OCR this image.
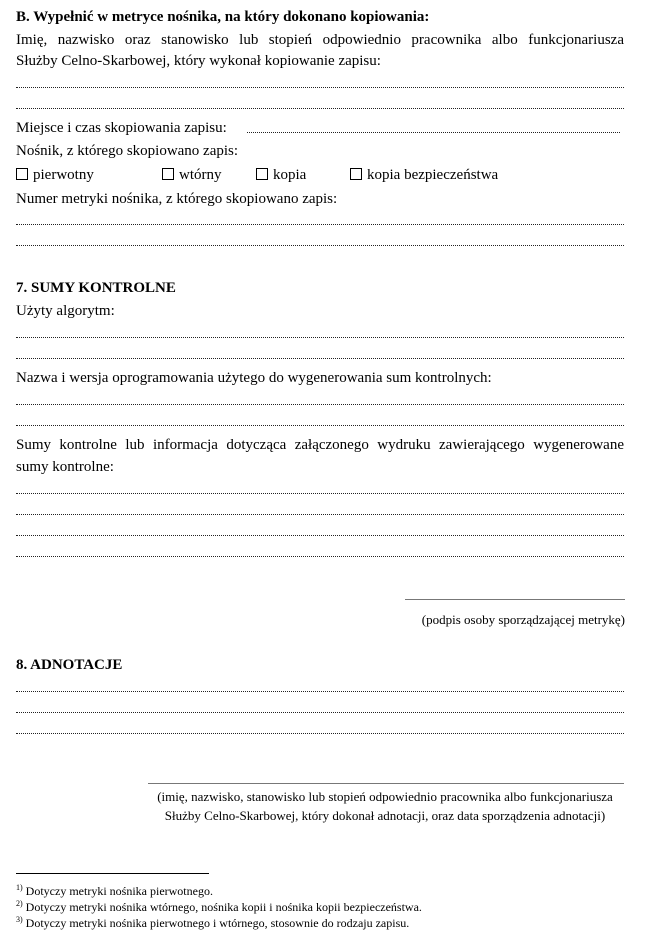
B. Wypełnić w metryce nośnika, na który dokonano kopiowania:
Imię, nazwisko oraz stanowisko lub stopień odpowiednio pracownika albo funkcjonariusza
Służby Celno-Skarbowej, który wykonał kopiowanie zapisu:
Miejsce i czas skopiowania zapisu:
Nośnik, z którego skopiowano zapis:
pierwotny	wtórny	kopia	kopia bezpieczeństwa
Numer metryki nośnika, z którego skopiowano zapis:
7. SUMY KONTROLNE
Użyty algorytm:
Nazwa i wersja oprogramowania użytego do wygenerowania sum kontrolnych:
Sumy kontrolne lub informacja dotycząca załączonego wydruku zawierającego wygenerowane
sumy kontrolne:
(podpis osoby sporządzającej metrykę)
8. ADNOTACJE
(imię, nazwisko, stanowisko lub stopień odpowiednio pracownika albo funkcjonariusza
Służby Celno-Skarbowej, który dokonał adnotacji, oraz data sporządzenia adnotacji)
$^{1)}$ Dotyczy metryki nośnika pierwotnego.
$^{2)}$ Dotyczy metryki nośnika wtórnego, nośnika kopii i nośnika kopii bezpieczeństwa.
$^{3)}$ Dotyczy metryki nośnika pierwotnego i wtórnego, stosownie do rodzaju zapisu.
